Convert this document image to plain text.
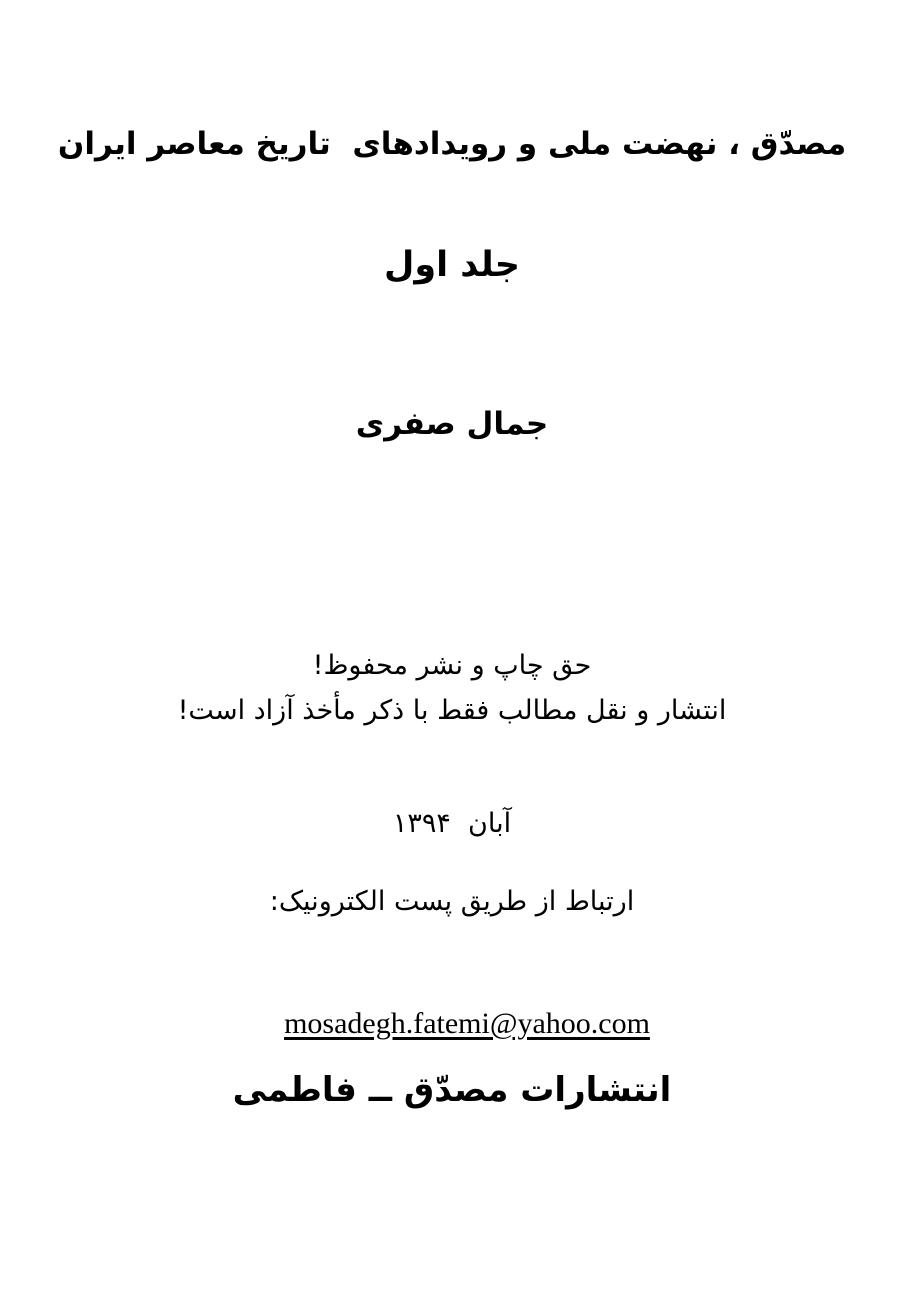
مصدّق ، نهضت ملی و رویدادهای  تاریخ معاصر ایران
جلد اول
جمال صفری
حق چاپ و نشر محفوظ!
انتشار و نقل مطالب فقط با ذکر مأخذ آزاد است!
آبان  ۱۳۹۴
ارتباط از طریق پست الکترونیک:

mosadegh.fatemi@yahoo.com

انتشارات مصدّق ــ فاطمی
